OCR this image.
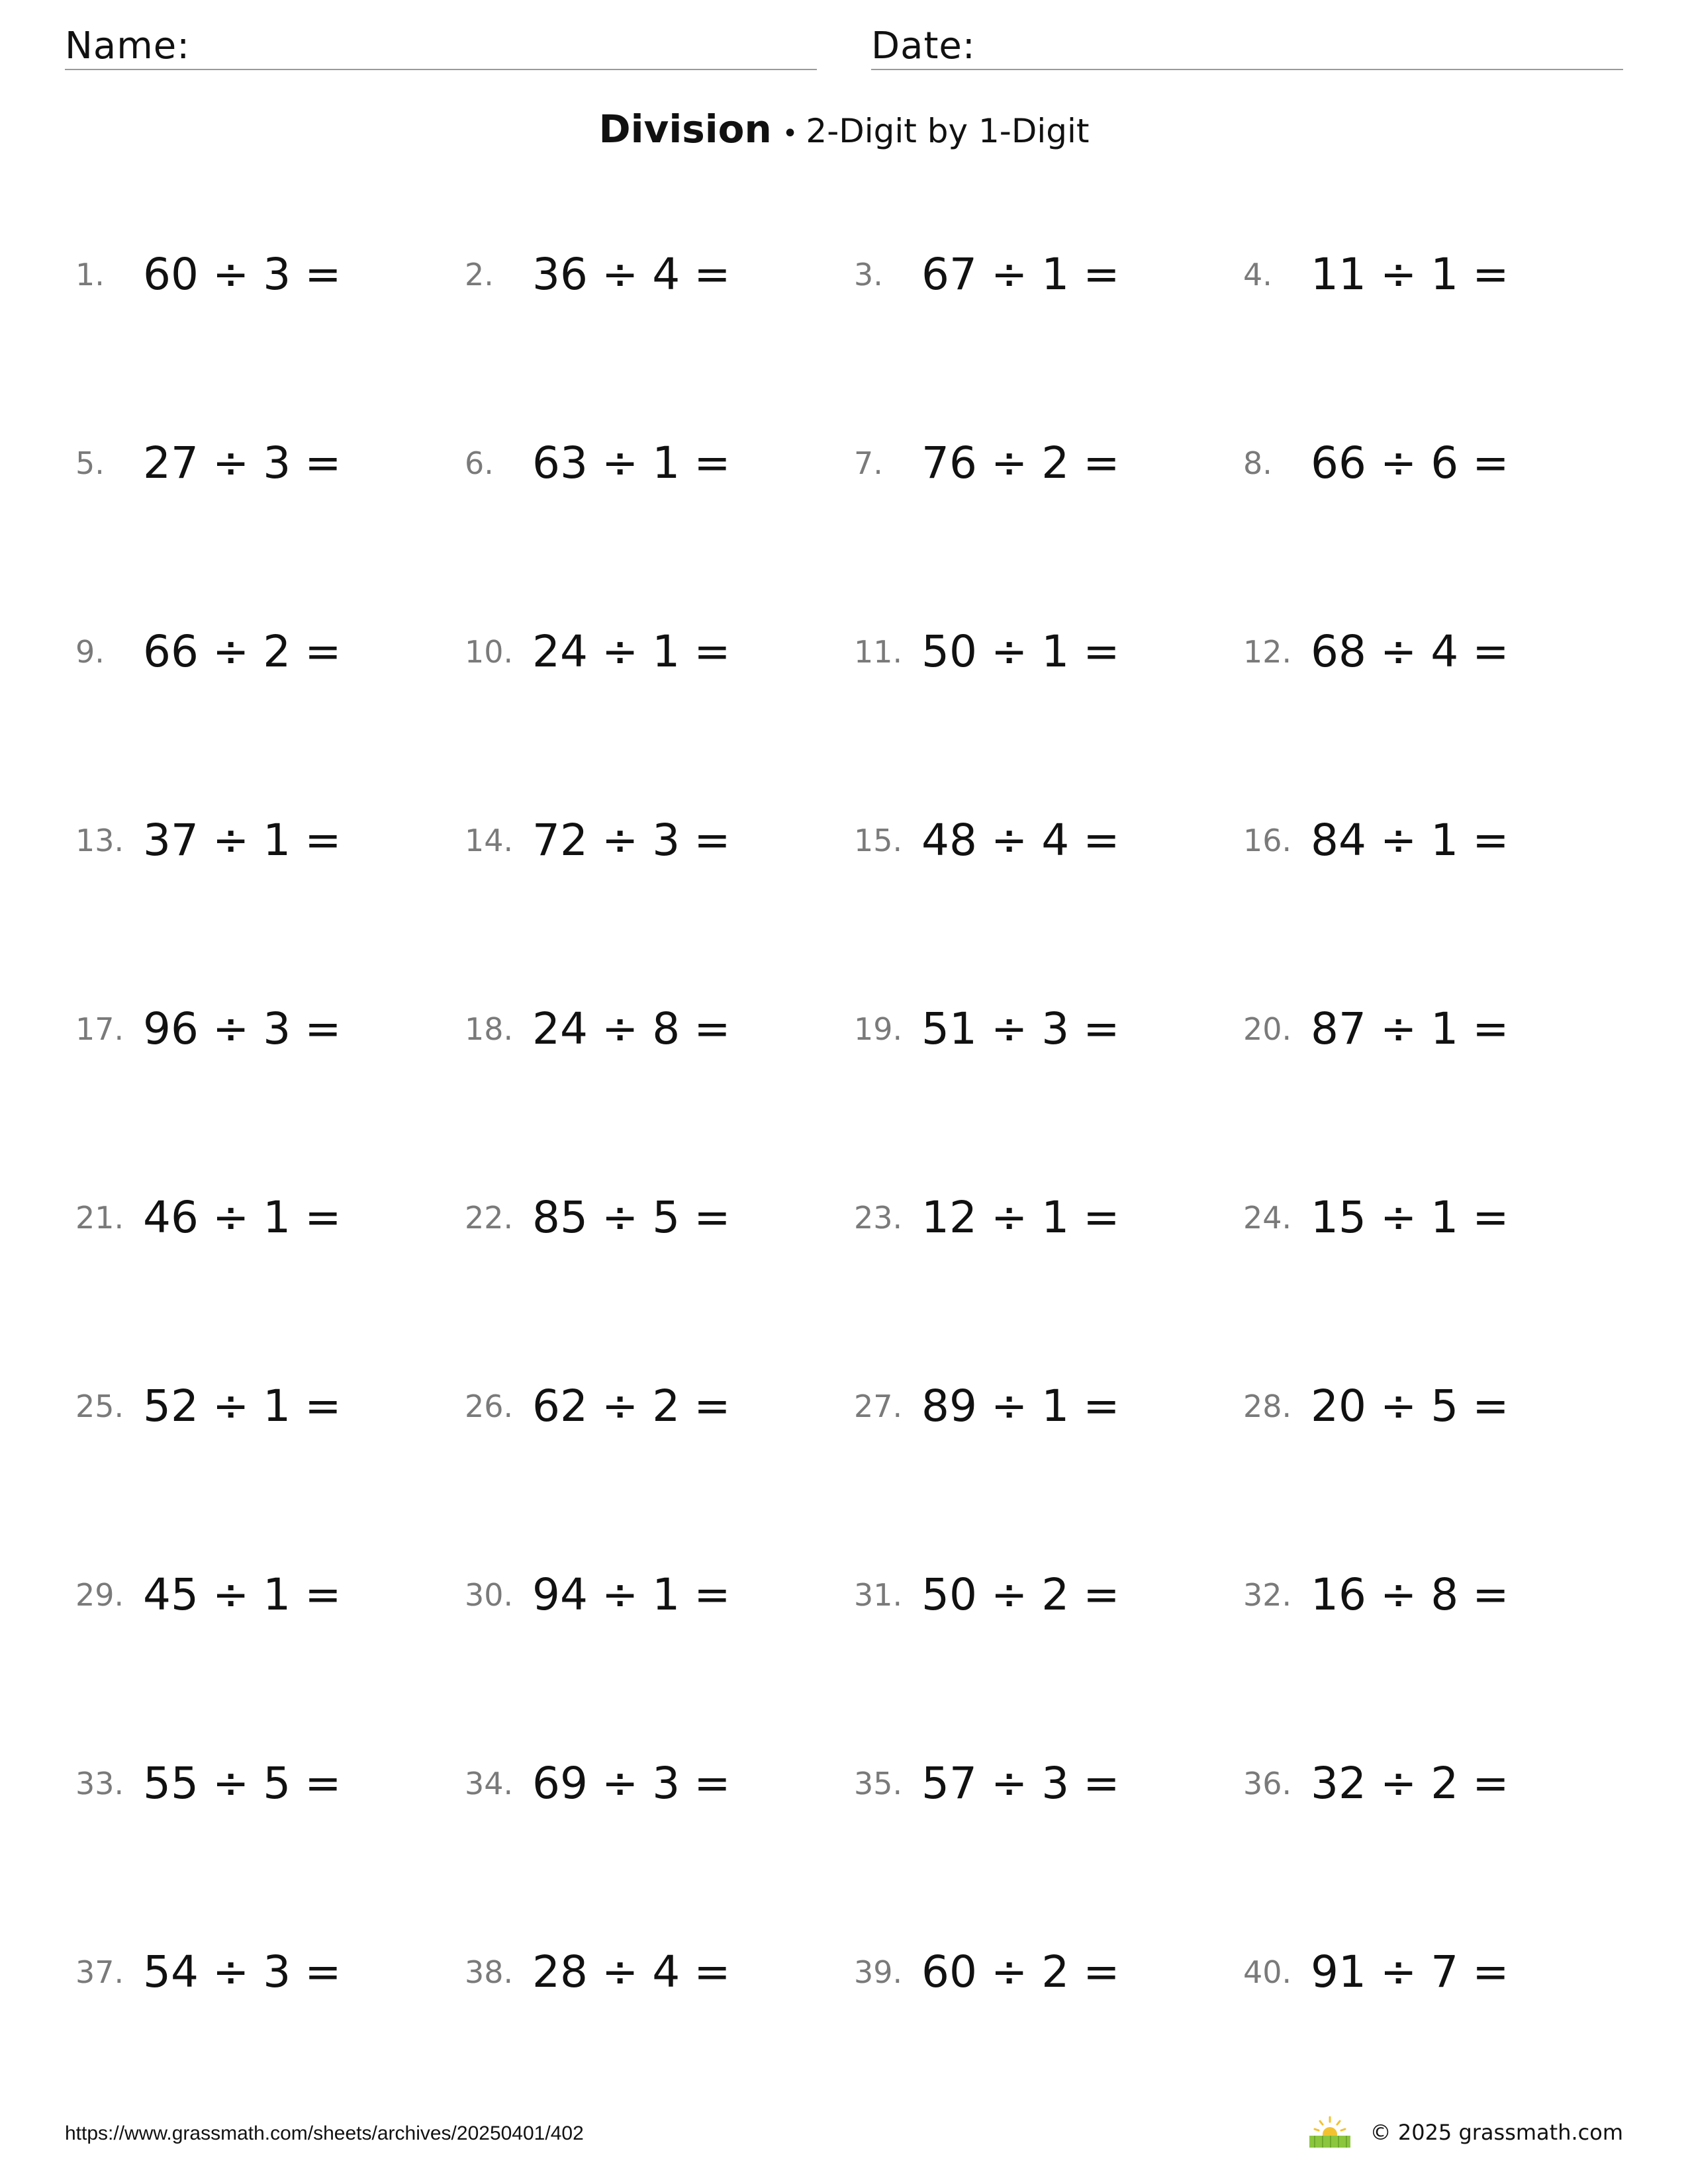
Name:	Date:
Division • 2-Digit by 1-Digit
1. 60 ÷ 3 =	2. 36 ÷ 4 =	3. 67 ÷ 1 =	4. 11 ÷ 1 =
5. 27 ÷ 3 =	6. 63 ÷ 1 =	7. 76 ÷ 2 =	8. 66 ÷ 6 =
9. 66 ÷ 2 =	10. 24 ÷ 1 =	11. 50 ÷ 1 =	12. 68 ÷ 4 =
13. 37 ÷ 1 =	14. 72 ÷ 3 =	15. 48 ÷ 4 =	16. 84 ÷ 1 =
17. 96 ÷ 3 =	18. 24 ÷ 8 =	19. 51 ÷ 3 =	20. 87 ÷ 1 =
21. 46 ÷ 1 =	22. 85 ÷ 5 =	23. 12 ÷ 1 =	24. 15 ÷ 1 =
25. 52 ÷ 1 =	26. 62 ÷ 2 =	27. 89 ÷ 1 =	28. 20 ÷ 5 =
29. 45 ÷ 1 =	30. 94 ÷ 1 =	31. 50 ÷ 2 =	32. 16 ÷ 8 =
33. 55 ÷ 5 =	34. 69 ÷ 3 =	35. 57 ÷ 3 =	36. 32 ÷ 2 =
37. 54 ÷ 3 =	38. 28 ÷ 4 =	39. 60 ÷ 2 =	40. 91 ÷ 7 =
https://www.grassmath.com/sheets/archives/20250401/402	© 2025 grassmath.com
